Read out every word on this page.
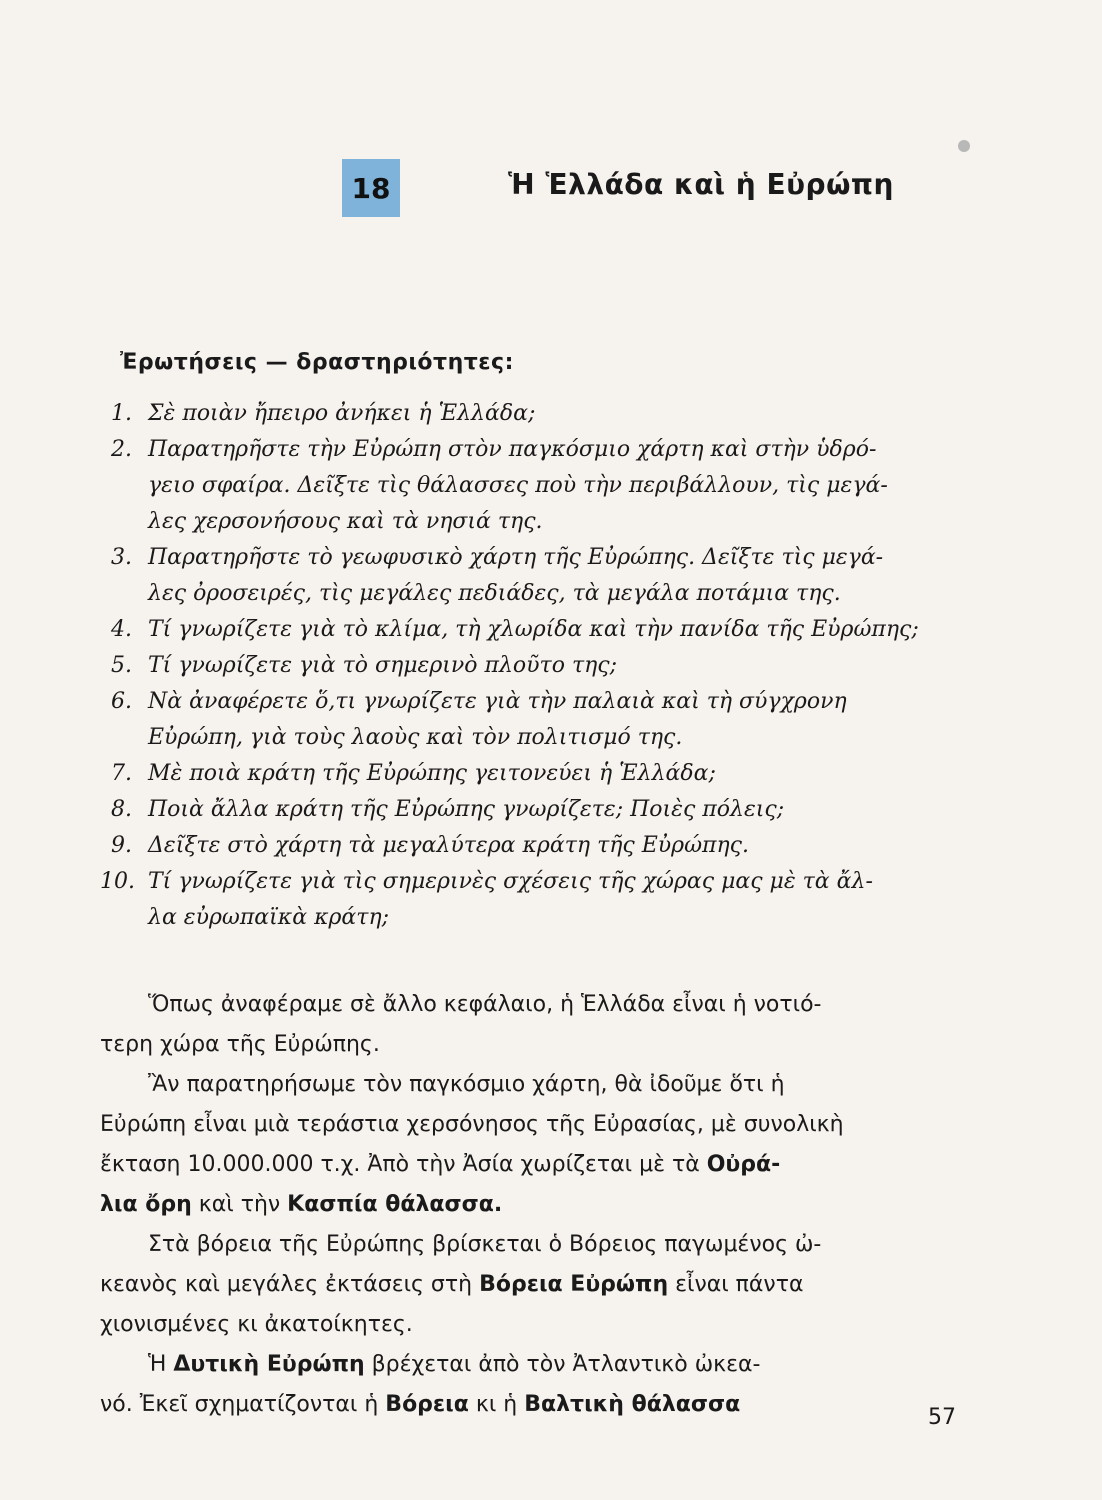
18	Ἡ Ἑλλάδα καὶ ἡ Εὐρώπη
Ἐρωτήσεις — δραστηριότητες:
1. Σὲ ποιὰν ἤπειρο ἀνήκει ἡ Ἑλλάδα;
2. Παρατηρῆστε τὴν Εὐρώπη στὸν παγκόσμιο χάρτη καὶ στὴν ὑδρό-
γειο σφαίρα. Δεῖξτε τὶς θάλασσες ποὺ τὴν περιβάλλουν, τὶς μεγά-
λες χερσονήσους καὶ τὰ νησιά της.
3. Παρατηρῆστε τὸ γεωφυσικὸ χάρτη τῆς Εὐρώπης. Δεῖξτε τὶς μεγά-
λες ὀροσειρές, τὶς μεγάλες πεδιάδες, τὰ μεγάλα ποτάμια της.
4. Τί γνωρίζετε γιὰ τὸ κλίμα, τὴ χλωρίδα καὶ τὴν πανίδα τῆς Εὐρώπης;
5. Τί γνωρίζετε γιὰ τὸ σημερινὸ πλοῦτο της;
6. Νὰ ἀναφέρετε ὅ,τι γνωρίζετε γιὰ τὴν παλαιὰ καὶ τὴ σύγχρονη
Εὐρώπη, γιὰ τοὺς λαοὺς καὶ τὸν πολιτισμό της.
7. Μὲ ποιὰ κράτη τῆς Εὐρώπης γειτονεύει ἡ Ἑλλάδα;
8. Ποιὰ ἄλλα κράτη τῆς Εὐρώπης γνωρίζετε; Ποιὲς πόλεις;
9. Δεῖξτε στὸ χάρτη τὰ μεγαλύτερα κράτη τῆς Εὐρώπης.
10. Τί γνωρίζετε γιὰ τὶς σημερινὲς σχέσεις τῆς χώρας μας μὲ τὰ ἄλ-
λα εὐρωπαϊκὰ κράτη;
Ὅπως ἀναφέραμε σὲ ἄλλο κεφάλαιο, ἡ Ἑλλάδα εἶναι ἡ νοτιό-
τερη χώρα τῆς Εὐρώπης.
Ἂν παρατηρήσωμε τὸν παγκόσμιο χάρτη, θὰ ἰδοῦμε ὅτι ἡ
Εὐρώπη εἶναι μιὰ τεράστια χερσόνησος τῆς Εὐρασίας, μὲ συνολικὴ
ἔκταση 10.000.000 τ.χ. Ἀπὸ τὴν Ἀσία χωρίζεται μὲ τὰ Οὐρά-
λια ὄρη καὶ τὴν Κασπία θάλασσα.
Στὰ βόρεια τῆς Εὐρώπης βρίσκεται ὁ Βόρειος παγωμένος ὠ-
κεανὸς καὶ μεγάλες ἐκτάσεις στὴ Βόρεια Εὐρώπη εἶναι πάντα
χιονισμένες κι ἀκατοίκητες.
Ἡ Δυτικὴ Εὐρώπη βρέχεται ἀπὸ τὸν Ἀτλαντικὸ ὠκεα-
νό. Ἐκεῖ σχηματίζονται ἡ Βόρεια κι ἡ Βαλτικὴ θάλασσα
57
